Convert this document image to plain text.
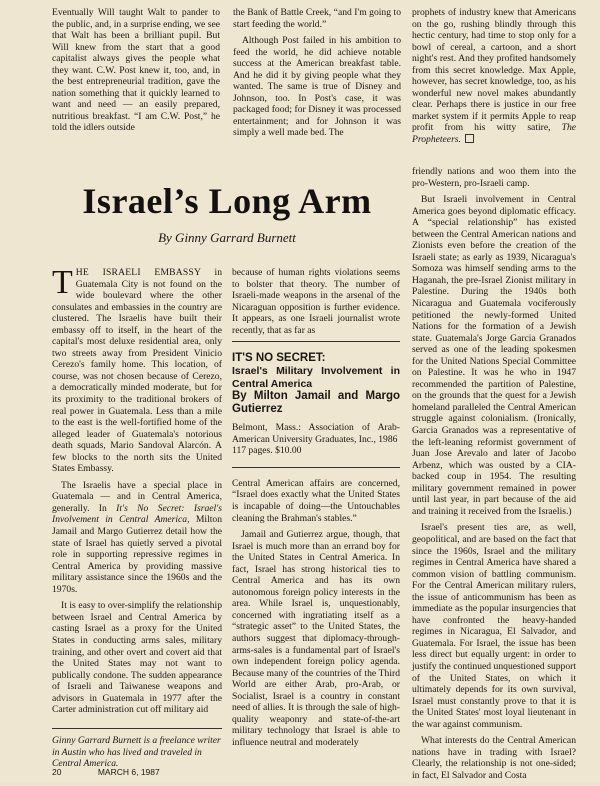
Eventually Will taught Walt to pander to the public, and, in a surprise ending, we see that Walt has been a brilliant pupil. But Will knew from the start that a good capitalist always gives the people what they want. C.W. Post knew it, too, and, in the best entrepreneurial tradition, gave the nation something that it quickly learned to want and need — an easily prepared, nutritious breakfast. “I am C.W. Post,” he told the idlers outside

the Bank of Battle Creek, “and I'm going to start feeding the world.”

Although Post failed in his ambition to feed the world, he did achieve notable success at the American breakfast table. And he did it by giving people what they wanted. The same is true of Disney and Johnson, too. In Post's case, it was packaged food; for Disney it was processed entertainment; and for Johnson it was simply a well made bed. The

prophets of industry knew that Americans on the go, rushing blindly through this hectic century, had time to stop only for a bowl of cereal, a cartoon, and a short night's rest. And they profited handsomely from this secret knowledge. Max Apple, however, has secret knowledge, too, as his wonderful new novel makes abundantly clear. Perhaps there is justice in our free market system if it permits Apple to reap profit from his witty satire, The Propheteers.

Israel’s Long Arm
By Ginny Garrard Burnett

THE ISRAELI EMBASSY in Guatemala City is not found on the wide boulevard where the other consulates and embassies in the country are clustered. The Israelis have built their embassy off to itself, in the heart of the capital's most deluxe residential area, only two streets away from President Vinicio Cerezo's family home. This location, of course, was not chosen because of Cerezo, a democratically minded moderate, but for its proximity to the traditional brokers of real power in Guatemala. Less than a mile to the east is the well-fortified home of the alleged leader of Guatemala's notorious death squads, Mario Sandoval Alarcón. A few blocks to the north sits the United States Embassy.

The Israelis have a special place in Guatemala — and in Central America, generally. In It's No Secret: Israel's Involvement in Central America, Milton Jamail and Margo Gutierrez detail how the state of Israel has quietly served a pivotal role in supporting repressive regimes in Central America by providing massive military assistance since the 1960s and the 1970s.

It is easy to over-simplify the relationship between Israel and Central America by casting Israel as a proxy for the United States in conducting arms sales, military training, and other overt and covert aid that the United States may not want to publically condone. The sudden appearance of Israeli and Taiwanese weapons and advisors in Guatemala in 1977 after the Carter administration cut off military aid

because of human rights violations seems to bolster that theory. The number of Israeli-made weapons in the arsenal of the Nicaraguan opposition is further evidence. It appears, as one Israeli journalist wrote recently, that as far as

IT'S NO SECRET:
Israel's Military Involvement in Central America
By Milton Jamail and Margo Gutierrez
Belmont, Mass.: Association of Arab-American University Graduates, Inc., 1986
117 pages. $10.00

Central American affairs are concerned, “Israel does exactly what the United States is incapable of doing—the Untouchables cleaning the Brahman's stables.”

Jamail and Gutierrez argue, though, that Israel is much more than an errand boy for the United States in Central America. In fact, Israel has strong historical ties to Central America and has its own autonomous foreign policy interests in the area. While Israel is, unquestionably, concerned with ingratiating itself as a “strategic asset” to the United States, the authors suggest that diplomacy-through-arms-sales is a fundamental part of Israel's own independent foreign policy agenda. Because many of the countries of the Third World are either Arab, pro-Arab, or Socialist, Israel is a country in constant need of allies. It is through the sale of high-quality weaponry and state-of-the-art military technology that Israel is able to influence neutral and moderately

friendly nations and woo them into the pro-Western, pro-Israeli camp.

But Israeli involvement in Central America goes beyond diplomatic efficacy. A “special relationship” has existed between the Central American nations and Zionists even before the creation of the Israeli state; as early as 1939, Nicaragua's Somoza was himself sending arms to the Haganah, the pre-Israel Zionist military in Palestine. During the 1940s both Nicaragua and Guatemala vociferously petitioned the newly-formed United Nations for the formation of a Jewish state. Guatemala's Jorge Garcia Granados served as one of the leading spokesmen for the United Nations Special Committee on Palestine. It was he who in 1947 recommended the partition of Palestine, on the grounds that the quest for a Jewish homeland paralleled the Central American struggle against colonialism. (Ironically, Garcia Granados was a representative of the left-leaning reformist government of Juan Jose Arevalo and later of Jacobo Arbenz, which was ousted by a CIA-backed coup in 1954. The resulting military government remained in power until last year, in part because of the aid and training it received from the Israelis.)

Israel's present ties are, as well, geopolitical, and are based on the fact that since the 1960s, Israel and the military regimes in Central America have shared a common vision of battling communism. For the Central American military rulers, the issue of anticommunism has been as immediate as the popular insurgencies that have confronted the heavy-handed regimes in Nicaragua, El Salvador, and Guatemala. For Israel, the issue has been less direct but equally urgent: in order to justify the continued unquestioned support of the United States, on which it ultimately depends for its own survival, Israel must constantly prove to that it is the United States' most loyal lieutenant in the war against communism.

What interests do the Central American nations have in trading with Israel? Clearly, the relationship is not one-sided; in fact, El Salvador and Costa

Ginny Garrard Burnett is a freelance writer in Austin who has lived and traveled in Central America.
20	MARCH 6, 1987
